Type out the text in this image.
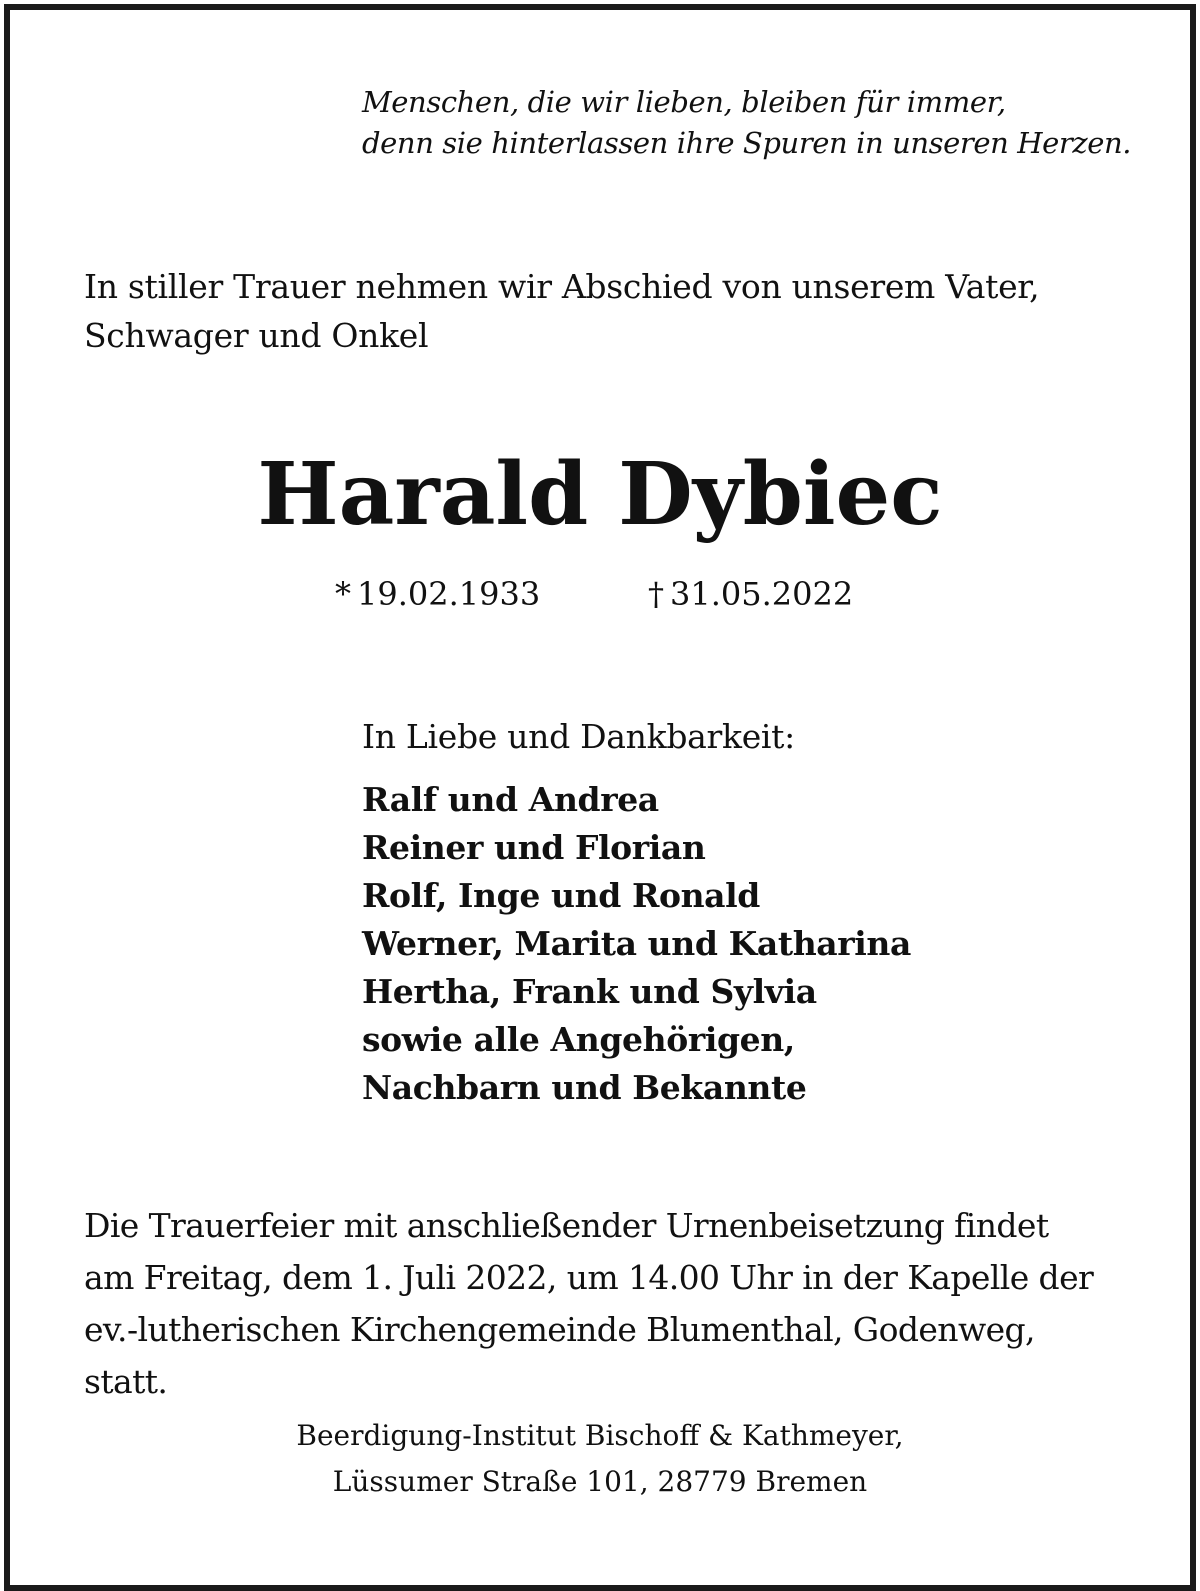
Menschen, die wir lieben, bleiben für immer,
denn sie hinterlassen ihre Spuren in unseren Herzen.
In stiller Trauer nehmen wir Abschied von unserem Vater,
Schwager und Onkel
Harald Dybiec
* 19.02.1933	† 31.05.2022
In Liebe und Dankbarkeit:
Ralf und Andrea
Reiner und Florian
Rolf, Inge und Ronald
Werner, Marita und Katharina
Hertha, Frank und Sylvia
sowie alle Angehörigen,
Nachbarn und Bekannte
Die Trauerfeier mit anschließender Urnenbeisetzung findet
am Freitag, dem 1. Juli 2022, um 14.00 Uhr in der Kapelle der
ev.-lutherischen Kirchengemeinde Blumenthal, Godenweg,
statt.
Beerdigung-Institut Bischoff & Kathmeyer,
Lüssumer Straße 101, 28779 Bremen
